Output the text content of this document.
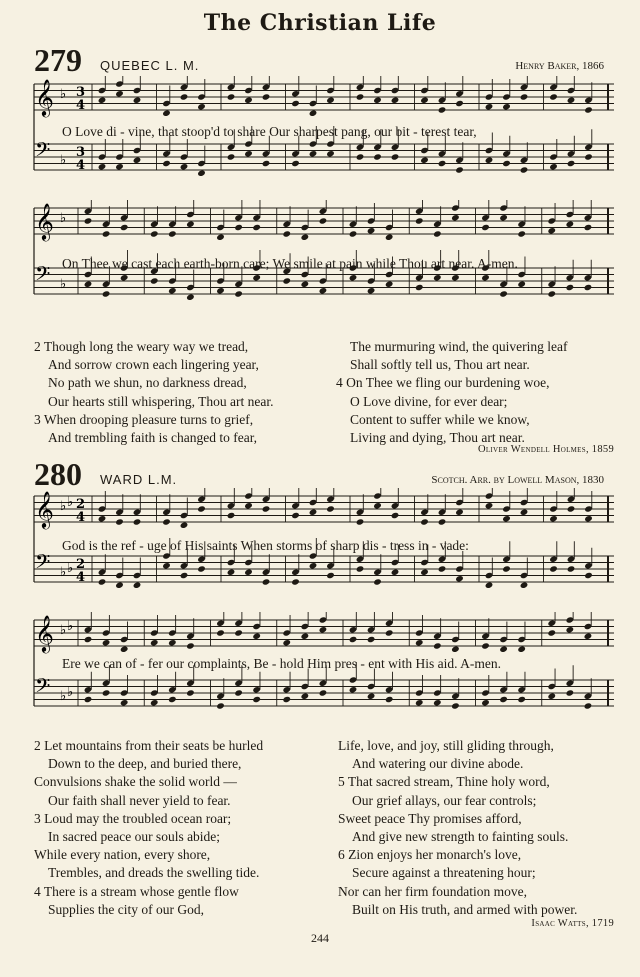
The Christian Life
279 QUEBEC L. M.	Henry Baker, 1866
𝄞 ♭ 3
4
𝄢 ♭
3
4
O Love di - vine, that stoop'd to share Our sharpest pang, our bit - terest tear,
𝄞 ♭
𝄢 ♭
On Thee we cast each earth-born care; We smile at pain while Thou art near. A-men.
2 Though long the weary way we tread,
And sorrow crown each lingering year,
No path we shun, no darkness dread,
Our hearts still whispering, Thou art near.
3 When drooping pleasure turns to grief,
And trembling faith is changed to fear,
The murmuring wind, the quivering leaf
Shall softly tell us, Thou art near.
4 On Thee we fling our burdening woe,
O Love divine, for ever dear;
Content to suffer while we know,
Living and dying, Thou art near.
Oliver Wendell Holmes, 1859
280 WARD L.M.	Scotch. Arr. by Lowell Mason, 1830
𝄞 ♭ ♭ 2
4
𝄢 ♭ ♭ 2
4
God is the ref - uge of His saints When storms of sharp dis - tress in - vade:
𝄞 ♭ ♭
𝄢 ♭ ♭
Ere we can of - fer our complaints, Be - hold Him pres - ent with His aid. A-men.
2 Let mountains from their seats be hurled
Down to the deep, and buried there,
Convulsions shake the solid world —
Our faith shall never yield to fear.
3 Loud may the troubled ocean roar;
In sacred peace our souls abide;
While every nation, every shore,
Trembles, and dreads the swelling tide.
4 There is a stream whose gentle flow
Supplies the city of our God,
Life, love, and joy, still gliding through,
And watering our divine abode.
5 That sacred stream, Thine holy word,
Our grief allays, our fear controls;
Sweet peace Thy promises afford,
And give new strength to fainting souls.
6 Zion enjoys her monarch's love,
Secure against a threatening hour;
Nor can her firm foundation move,
Built on His truth, and armed with power.
Isaac Watts, 1719
244
